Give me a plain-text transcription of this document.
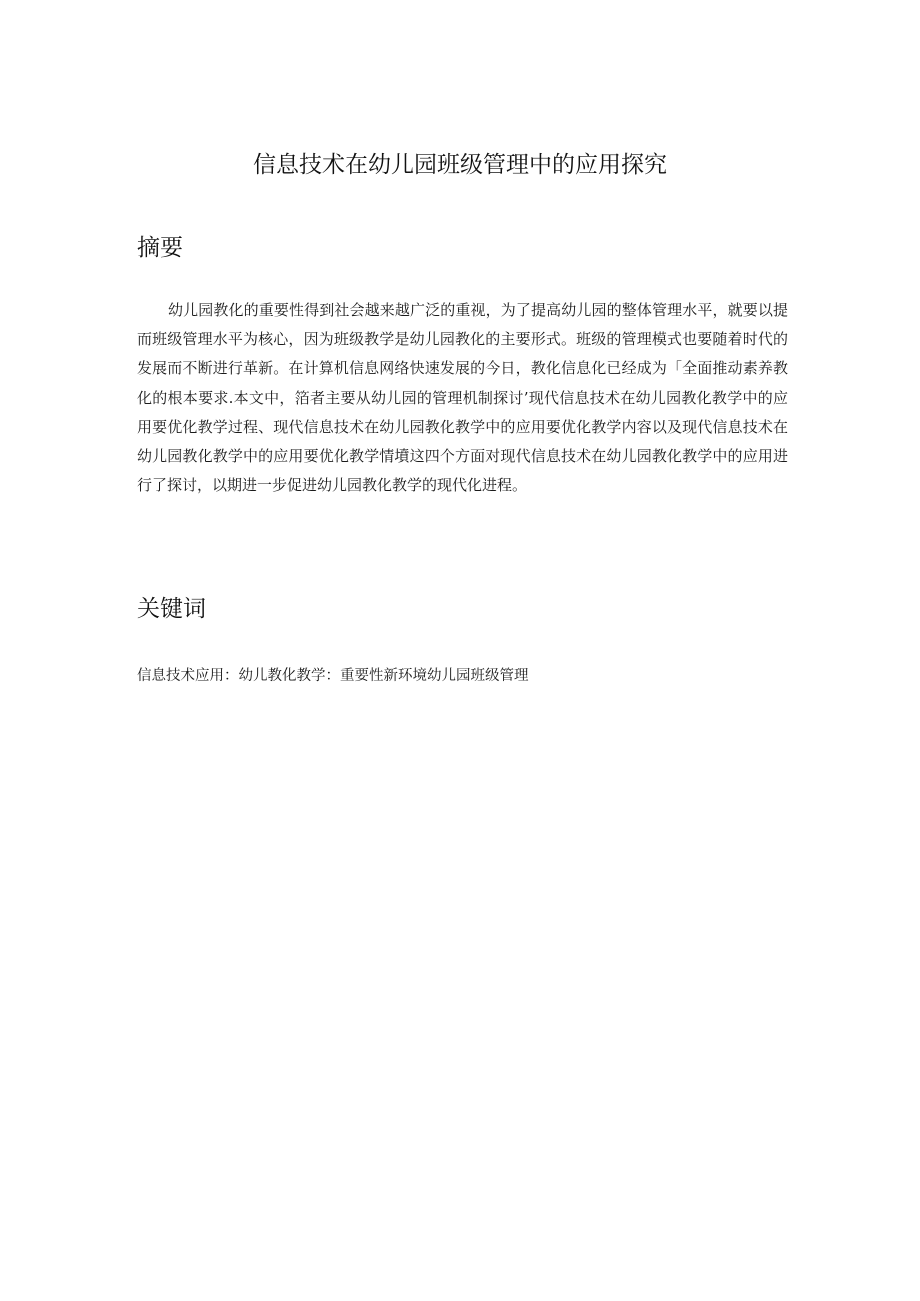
信息技术在幼儿园班级管理中的应用探究
摘要

幼儿园教化的重要性得到社会越来越广泛的重视，为了提高幼儿园的整体管理水平，就要以提而班级管理水平为核心，因为班级教学是幼儿园教化的主要形式。班级的管理模式也要随着时代的发展而不断进行革新。在计算机信息网络快速发展的今日，教化信息化已经成为「全面推动素养教化的根本要求.本文中，箔者主要从幼儿园的管理机制探讨’现代信息技术在幼儿园教化教学中的应用要优化教学过程、现代信息技术在幼儿园教化教学中的应用要优化教学内容以及现代信息技术在幼儿园教化教学中的应用要优化教学情墳这四个方面对现代信息技术在幼儿园教化教学中的应用进行了探讨，以期进一步促进幼儿园教化教学的现代化进程。

关键词

信息技术应用：幼儿教化教学：重要性新环境幼儿园班级管理
